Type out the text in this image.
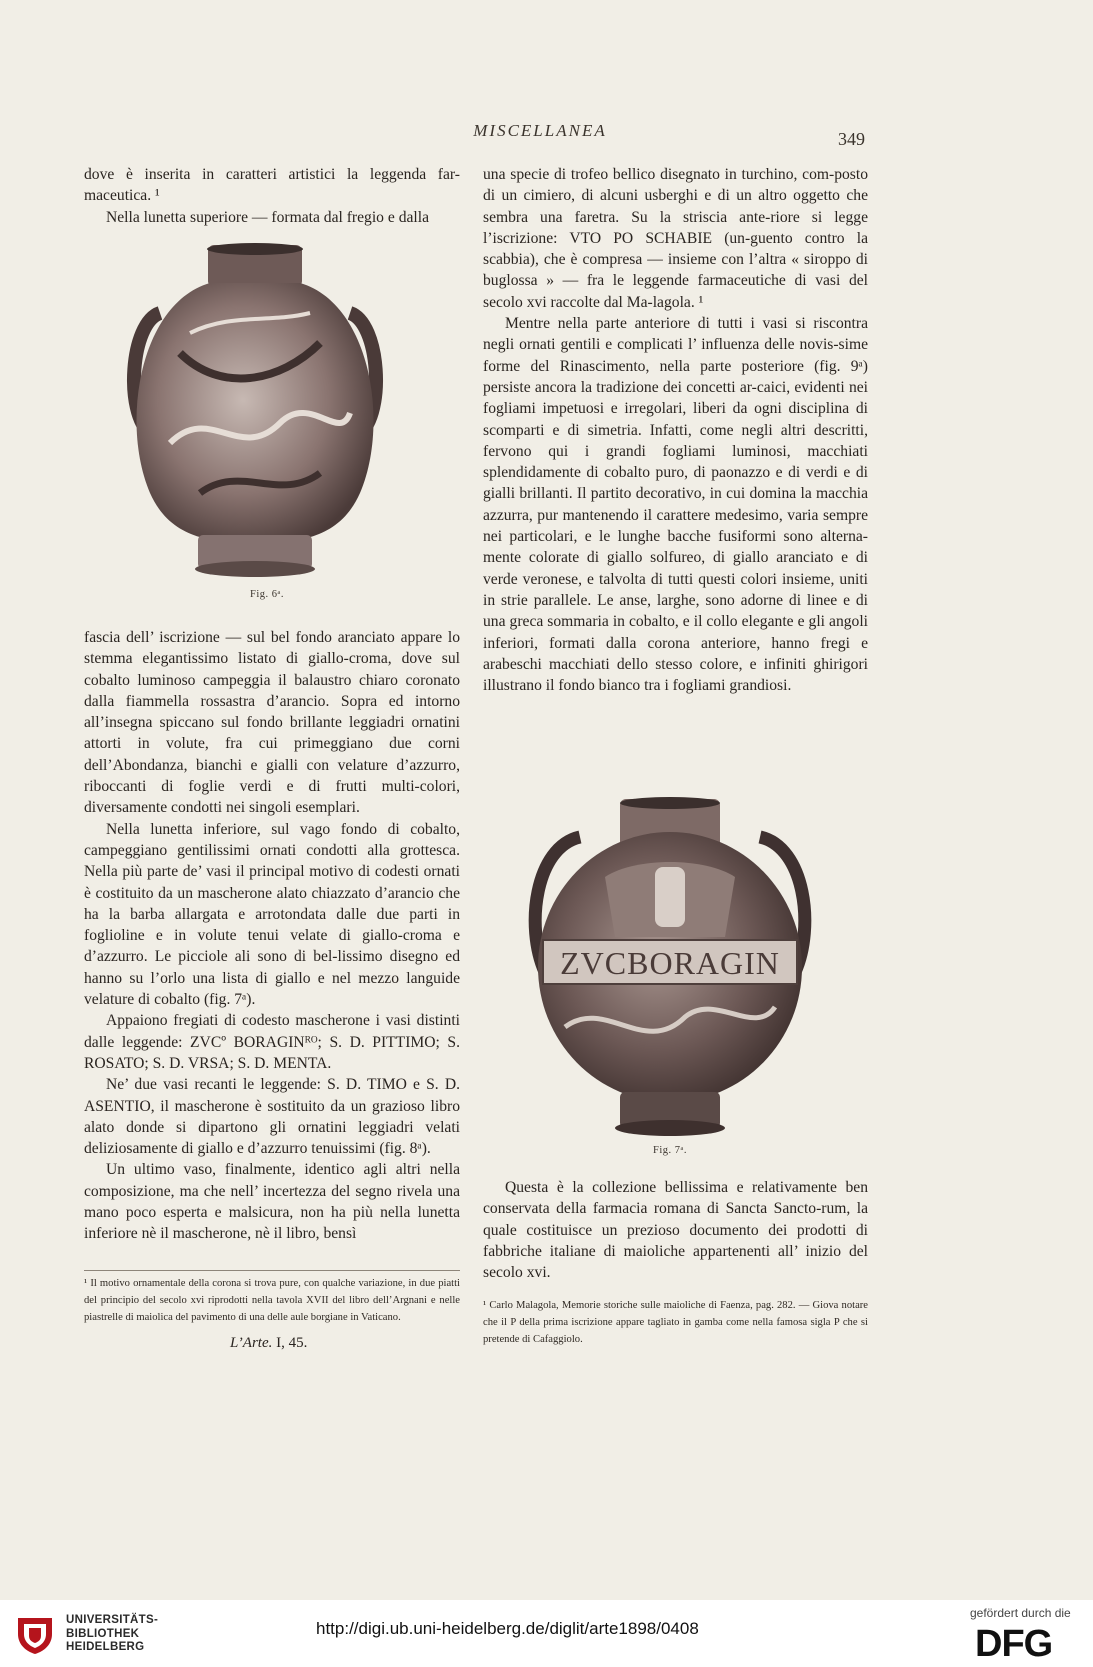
MISCELLANEA	349

dove è inserita in caratteri artistici la leggenda far-maceutica. ¹

Nella lunetta superiore — formata dal fregio e dalla

Fig. 6ᵃ.

fascia dell’ iscrizione — sul bel fondo aranciato appare lo stemma elegantissimo listato di giallo-croma, dove sul cobalto luminoso campeggia il balaustro chiaro coronato dalla fiammella rossastra d’arancio. Sopra ed intorno all’insegna spiccano sul fondo brillante leggiadri ornatini attorti in volute, fra cui primeggiano due corni dell’Abondanza, bianchi e gialli con velature d’azzurro, riboccanti di foglie verdi e di frutti multi-colori, diversamente condotti nei singoli esemplari.

Nella lunetta inferiore, sul vago fondo di cobalto, campeggiano gentilissimi ornati condotti alla grottesca. Nella più parte de’ vasi il principal motivo di codesti ornati è costituito da un mascherone alato chiazzato d’arancio che ha la barba allargata e arrotondata dalle due parti in foglioline e in volute tenui velate di giallo-croma e d’azzurro. Le picciole ali sono di bel-lissimo disegno ed hanno su l’orlo una lista di giallo e nel mezzo languide velature di cobalto (fig. 7ᵃ).

Appaiono fregiati di codesto mascherone i vasi distinti dalle leggende: ZVCº BORAGINᴿᴼ; S. D. PITTIMO; S. ROSATO; S. D. VRSA; S. D. MENTA.

Ne’ due vasi recanti le leggende: S. D. TIMO e S. D. ASENTIO, il mascherone è sostituito da un grazioso libro alato donde si dipartono gli ornatini leggiadri velati deliziosamente di giallo e d’azzurro tenuissimi (fig. 8ᵃ).

Un ultimo vaso, finalmente, identico agli altri nella composizione, ma che nell’ incertezza del segno rivela una mano poco esperta e malsicura, non ha più nella lunetta inferiore nè il mascherone, nè il libro, bensì

una specie di trofeo bellico disegnato in turchino, com-posto di un cimiero, di alcuni usberghi e di un altro oggetto che sembra una faretra. Su la striscia ante-riore si legge l’iscrizione: VTO PO SCHABIE (un-guento contro la scabbia), che è compresa — insieme con l’altra « siroppo di buglossa » — fra le leggende farmaceutiche di vasi del secolo xvi raccolte dal Ma-lagola. ¹

Mentre nella parte anteriore di tutti i vasi si riscontra negli ornati gentili e complicati l’ influenza delle novis-sime forme del Rinascimento, nella parte posteriore (fig. 9ᵃ) persiste ancora la tradizione dei concetti ar-caici, evidenti nei fogliami impetuosi e irregolari, liberi da ogni disciplina di scomparti e di simetria. Infatti, come negli altri descritti, fervono qui i grandi fogliami luminosi, macchiati splendidamente di cobalto puro, di paonazzo e di verdi e di gialli brillanti. Il partito decorativo, in cui domina la macchia azzurra, pur mantenendo il carattere medesimo, varia sempre nei particolari, e le lunghe bacche fusiformi sono alterna-mente colorate di giallo solfureo, di giallo aranciato e di verde veronese, e talvolta di tutti questi colori insieme, uniti in strie parallele. Le anse, larghe, sono adorne di linee e di una greca sommaria in cobalto, e il collo elegante e gli angoli inferiori, formati dalla corona anteriore, hanno fregi e arabeschi macchiati dello stesso colore, e infiniti ghirigori illustrano il fondo bianco tra i fogliami grandiosi.

ZVCBORAGIN
Fig. 7ᵃ.

Questa è la collezione bellissima e relativamente ben conservata della farmacia romana di Sancta Sancto-rum, la quale costituisce un prezioso documento dei prodotti di fabbriche italiane di maioliche appartenenti all’ inizio del secolo xvi.

¹ Il motivo ornamentale della corona si trova pure, con qualche variazione, in due piatti del principio del secolo xvi riprodotti nella tavola XVII del libro dell’Argnani e nelle piastrelle di maiolica del pavimento di una delle aule borgiane in Vaticano.
L’Arte. I, 45.
¹ Carlo Malagola, Memorie storiche sulle maioliche di Faenza, pag. 282. — Giova notare che il P della prima iscrizione appare tagliato in gamba come nella famosa sigla P che si pretende di Cafaggiolo.
UNIVERSITÄTS-
BIBLIOTHEK
HEIDELBERG
http://digi.ub.uni-heidelberg.de/diglit/arte1898/0408
gefördert durch die
DFG
